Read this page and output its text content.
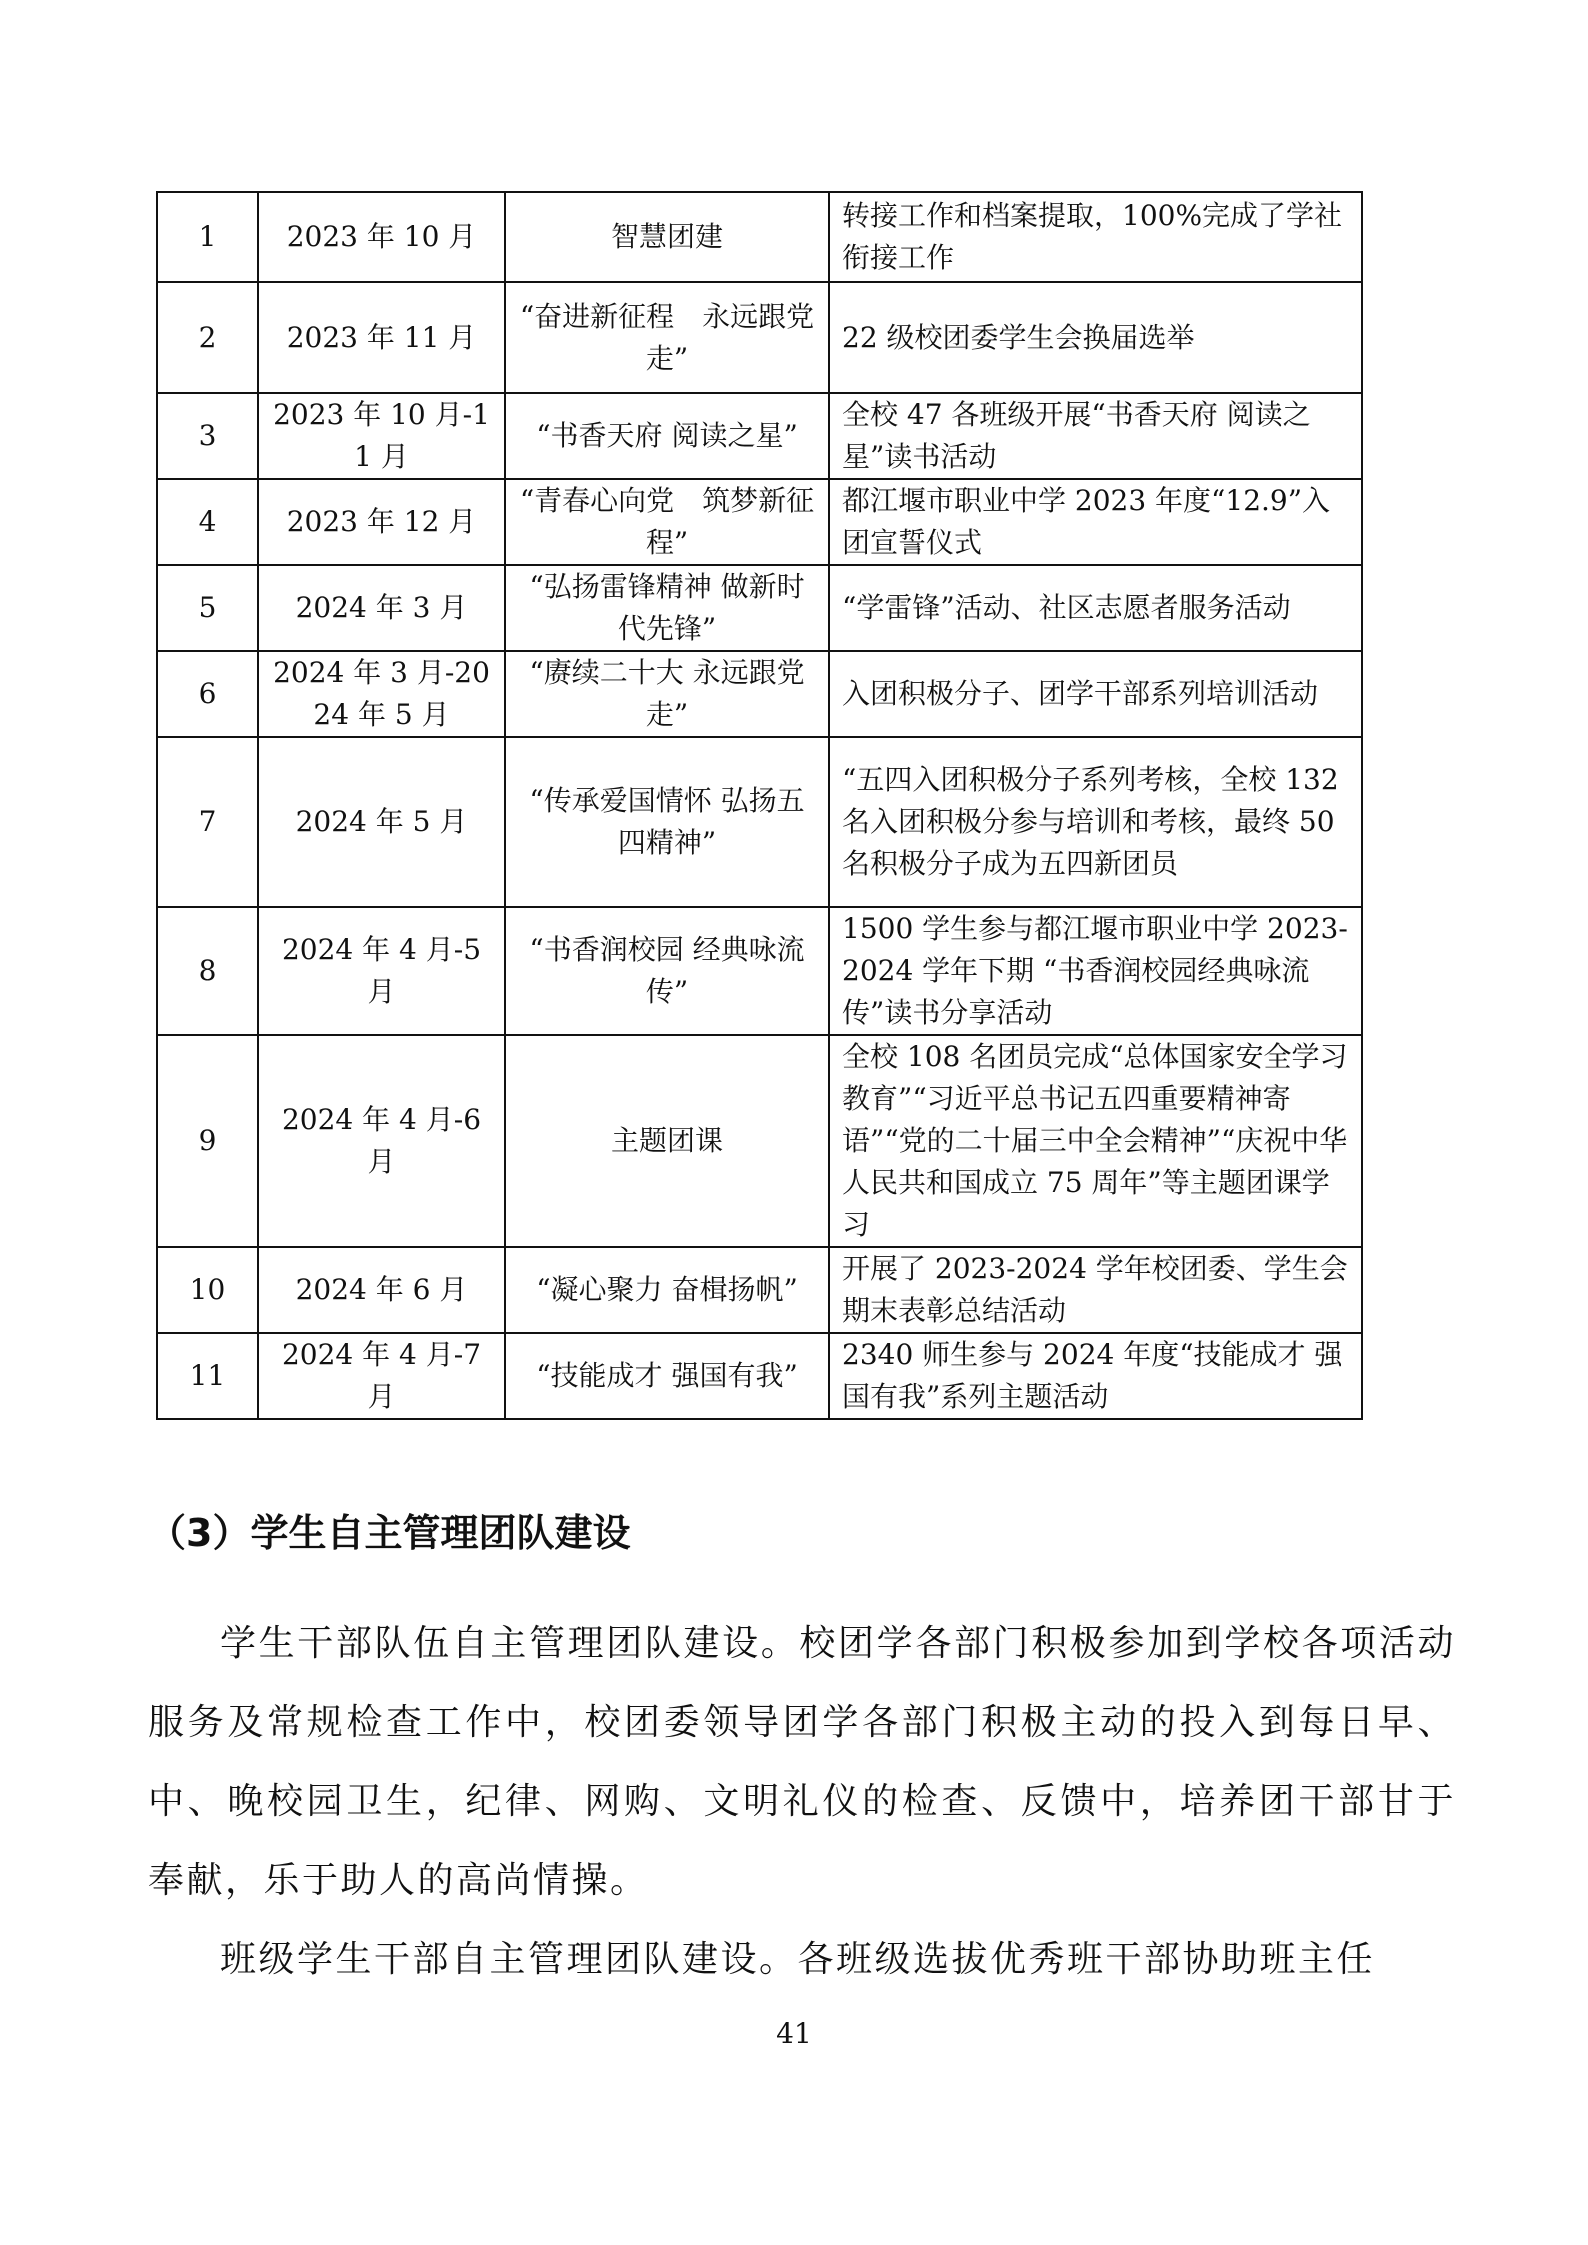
1	2023 年 10 月	智慧团建	转接工作和档案提取，100%完成了学社衔接工作
2	2023 年 11 月	“奋进新征程　永远跟党走”	22 级校团委学生会换届选举
3	2023 年 10 月-11 月	“书香天府 阅读之星”	全校 47 各班级开展“书香天府 阅读之星”读书活动
4	2023 年 12 月	“青春心向党　筑梦新征程”	都江堰市职业中学 2023 年度“12.9”入团宣誓仪式
5	2024 年 3 月	“弘扬雷锋精神 做新时代先锋”	“学雷锋”活动、社区志愿者服务活动
6	2024 年 3 月-2024 年 5 月	“赓续二十大 永远跟党走”	入团积极分子、团学干部系列培训活动
7	2024 年 5 月	“传承爱国情怀 弘扬五四精神”	“五四入团积极分子系列考核，全校 132 名入团积极分参与培训和考核，最终 50 名积极分子成为五四新团员
8	2024 年 4 月-5 月	“书香润校园 经典咏流传”	1500 学生参与都江堰市职业中学 2023-2024 学年下期 “书香润校园经典咏流传”读书分享活动
9	2024 年 4 月-6 月	主题团课	全校 108 名团员完成“总体国家安全学习教育”“习近平总书记五四重要精神寄语”“党的二十届三中全会精神”“庆祝中华人民共和国成立 75 周年”等主题团课学习
10	2024 年 6 月	“凝心聚力 奋楫扬帆”	开展了 2023-2024 学年校团委、学生会期末表彰总结活动
11	2024 年 4 月-7 月	“技能成才 强国有我”	2340 师生参与 2024 年度“技能成才 强国有我”系列主题活动
（3）学生自主管理团队建设

学生干部队伍自主管理团队建设。校团学各部门积极参加到学校各项活动服务及常规检查工作中，校团委领导团学各部门积极主动的投入到每日早、中、晚校园卫生，纪律、网购、文明礼仪的检查、反馈中，培养团干部甘于奉献，乐于助人的高尚情操。

班级学生干部自主管理团队建设。各班级选拔优秀班干部协助班主任

41
